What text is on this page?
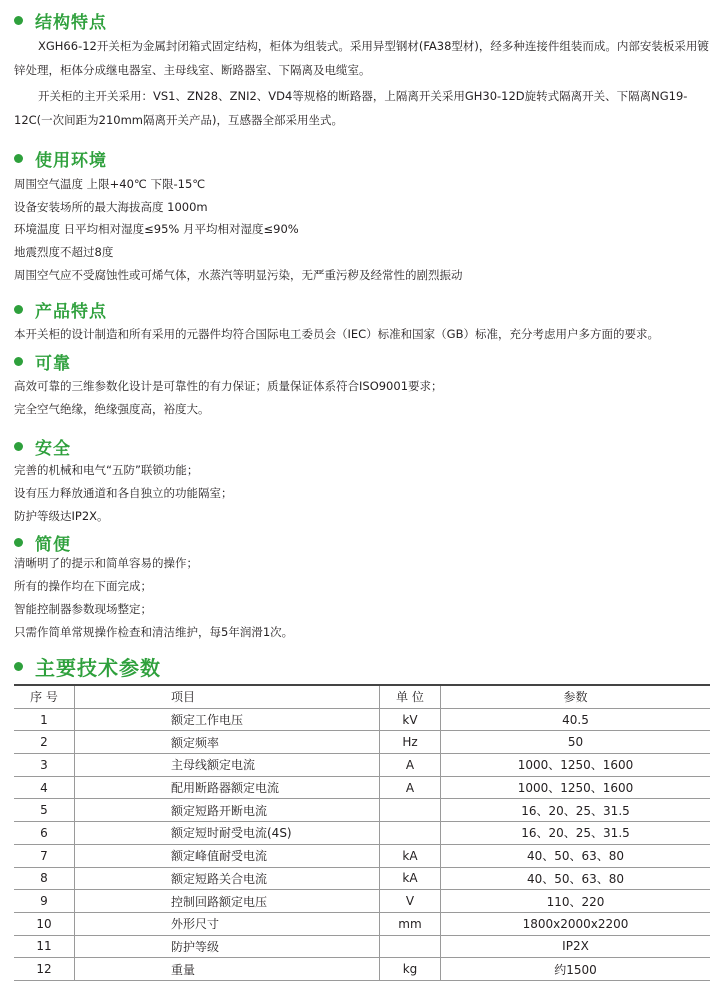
结构特点
XGH66-12开关柜为金属封闭箱式固定结构，柜体为组装式。采用异型钢材(FA38型材)，经多种连接件组装而成。内部安装板采用镀锌处理，柜体分成继电器室、主母线室、断路器室、下隔离及电缆室。
开关柜的主开关采用：VS1、ZN28、ZNI2、VD4等规格的断路器，上隔离开关采用GH30-12D旋转式隔离开关、下隔离NG19-12C(一次间距为210mm隔离开关产品)，互感器全部采用坐式。
使用环境
周围空气温度 上限+40℃ 下限-15℃
设备安装场所的最大海拔高度 1000m
环境温度 日平均相对湿度≤95% 月平均相对湿度≤90%
地震烈度不超过8度
周围空气应不受腐蚀性或可烯气体，水蒸汽等明显污染，无严重污秽及经常性的剧烈振动
产品特点
本开关柜的设计制造和所有采用的元器件均符合国际电工委员会（IEC）标准和国家（GB）标准，充分考虑用户多方面的要求。
可靠
高效可靠的三维参数化设计是可靠性的有力保证；质量保证体系符合ISO9001要求；
完全空气绝缘，绝缘强度高，裕度大。
安全
完善的机械和电气“五防”联锁功能；
设有压力释放通道和各自独立的功能隔室；
防护等级达IP2X。
简便
清晰明了的提示和简单容易的操作；
所有的操作均在下面完成；
智能控制器参数现场整定；
只需作简单常规操作检查和清洁维护，每5年润滑1次。
主要技术参数
序 号	项目	单 位	参数
1	额定工作电压	kV	40.5
2	额定频率	Hz	50
3	主母线额定电流	A	1000、1250、1600
4	配用断路器额定电流	A	1000、1250、1600
5	额定短路开断电流		16、20、25、31.5
6	额定短时耐受电流(4S)		16、20、25、31.5
7	额定峰值耐受电流	kA	40、50、63、80
8	额定短路关合电流	kA	40、50、63、80
9	控制回路额定电压	V	110、220
10	外形尺寸	mm	1800x2000x2200
11	防护等级		IP2X
12	重量	kg	约1500
